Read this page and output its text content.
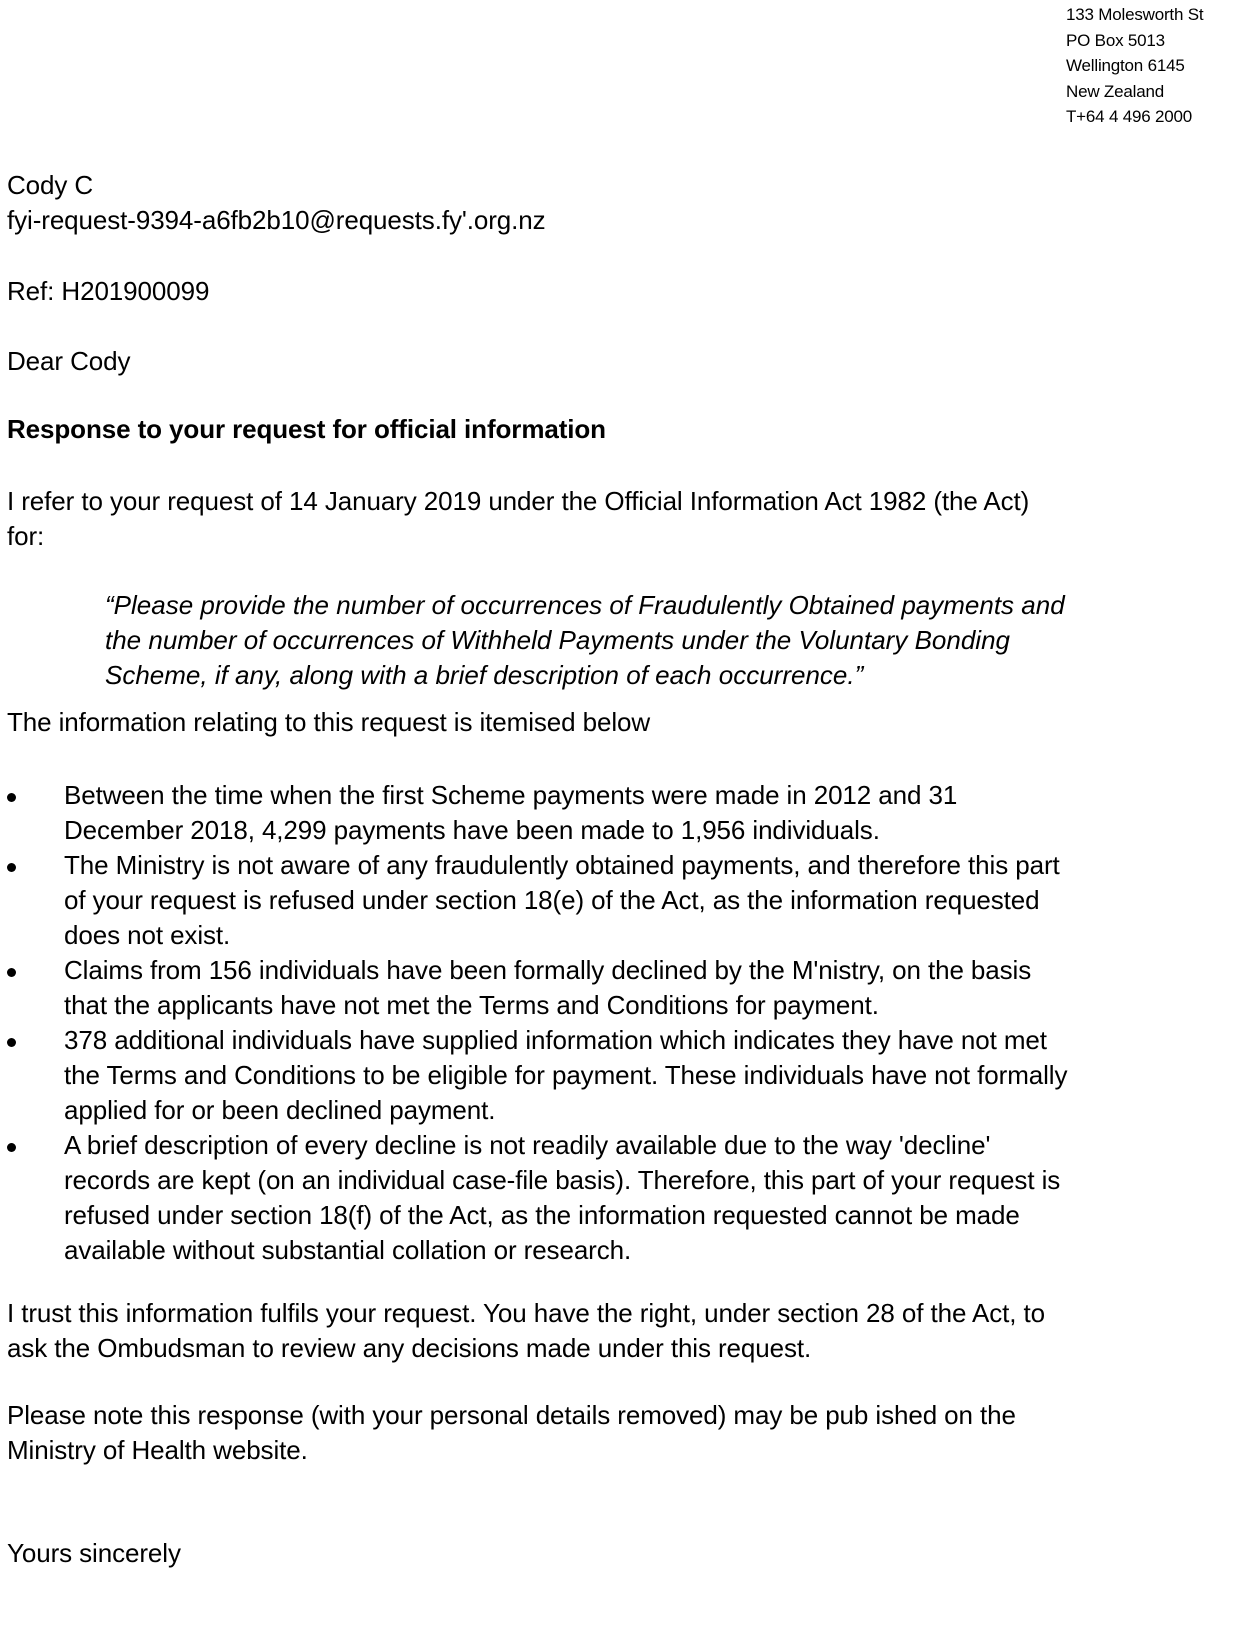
133 Molesworth St
PO Box 5013
Wellington 6145
New Zealand
T+64 4 496 2000
Cody C
fyi-request-9394-a6fb2b10@requests.fy'.org.nz
Ref: H201900099
Dear Cody
Response to your request for official information
I refer to your request of 14 January 2019 under the Official Information Act 1982 (the Act)
for:
“Please provide the number of occurrences of Fraudulently Obtained payments and
the number of occurrences of Withheld Payments under the Voluntary Bonding
Scheme, if any, along with a brief description of each occurrence.”
The information relating to this request is itemised below
Between the time when the first Scheme payments were made in 2012 and 31
December 2018, 4,299 payments have been made to 1,956 individuals.
The Ministry is not aware of any fraudulently obtained payments, and therefore this part
of your request is refused under section 18(e) of the Act, as the information requested
does not exist.
Claims from 156 individuals have been formally declined by the M'nistry, on the basis
that the applicants have not met the Terms and Conditions for payment.
378 additional individuals have supplied information which indicates they have not met
the Terms and Conditions to be eligible for payment. These individuals have not formally
applied for or been declined payment.
A brief description of every decline is not readily available due to the way 'decline'
records are kept (on an individual case-file basis). Therefore, this part of your request is
refused under section 18(f) of the Act, as the information requested cannot be made
available without substantial collation or research.
I trust this information fulfils your request. You have the right, under section 28 of the Act, to
ask the Ombudsman to review any decisions made under this request.
Please note this response (with your personal details removed) may be pub ished on the
Ministry of Health website.
Yours sincerely
